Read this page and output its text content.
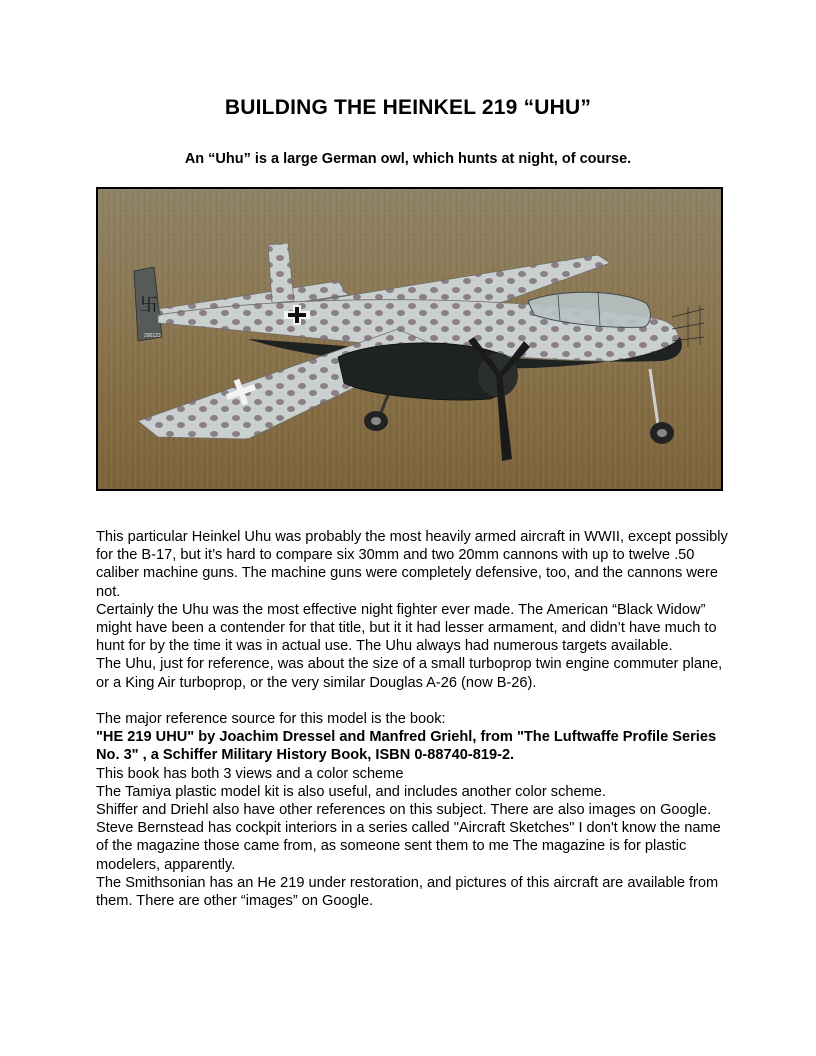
BUILDING THE HEINKEL 219 “UHU”
An “Uhu” is a large German owl, which hunts at night, of course.
卐
290123

This particular Heinkel Uhu was probably the most heavily armed aircraft in WWII, except possibly for the B-17, but it’s hard to compare six 30mm and two 20mm cannons with up to twelve .50 caliber machine guns. The machine guns were completely defensive, too, and the cannons were not.

Certainly the Uhu was the most effective night fighter ever made. The American “Black Widow” might have been a contender for that title, but it it had lesser armament, and didn’t have much to hunt for by the time it was in actual use. The Uhu always had numerous targets available.

The Uhu, just for reference, was about the size of a small turboprop twin engine commuter plane, or a King Air turboprop, or the very similar Douglas A-26 (now B-26).

The major reference source for this model is the book:

"HE 219 UHU" by Joachim Dressel and Manfred Griehl, from "The Luftwaffe Profile Series No. 3" , a Schiffer Military History Book, ISBN 0-88740-819-2.

This book has both 3 views and a color scheme

The Tamiya plastic model kit is also useful, and includes another color scheme.

Shiffer and Driehl also have other references on this subject. There are also images on Google.

Steve Bernstead has cockpit interiors in a series called "Aircraft Sketches" I don't know the name of the magazine those came from, as someone sent them to me The magazine is for plastic modelers, apparently.

The Smithsonian has an He 219 under restoration, and pictures of this aircraft are available from them. There are other “images” on Google.
